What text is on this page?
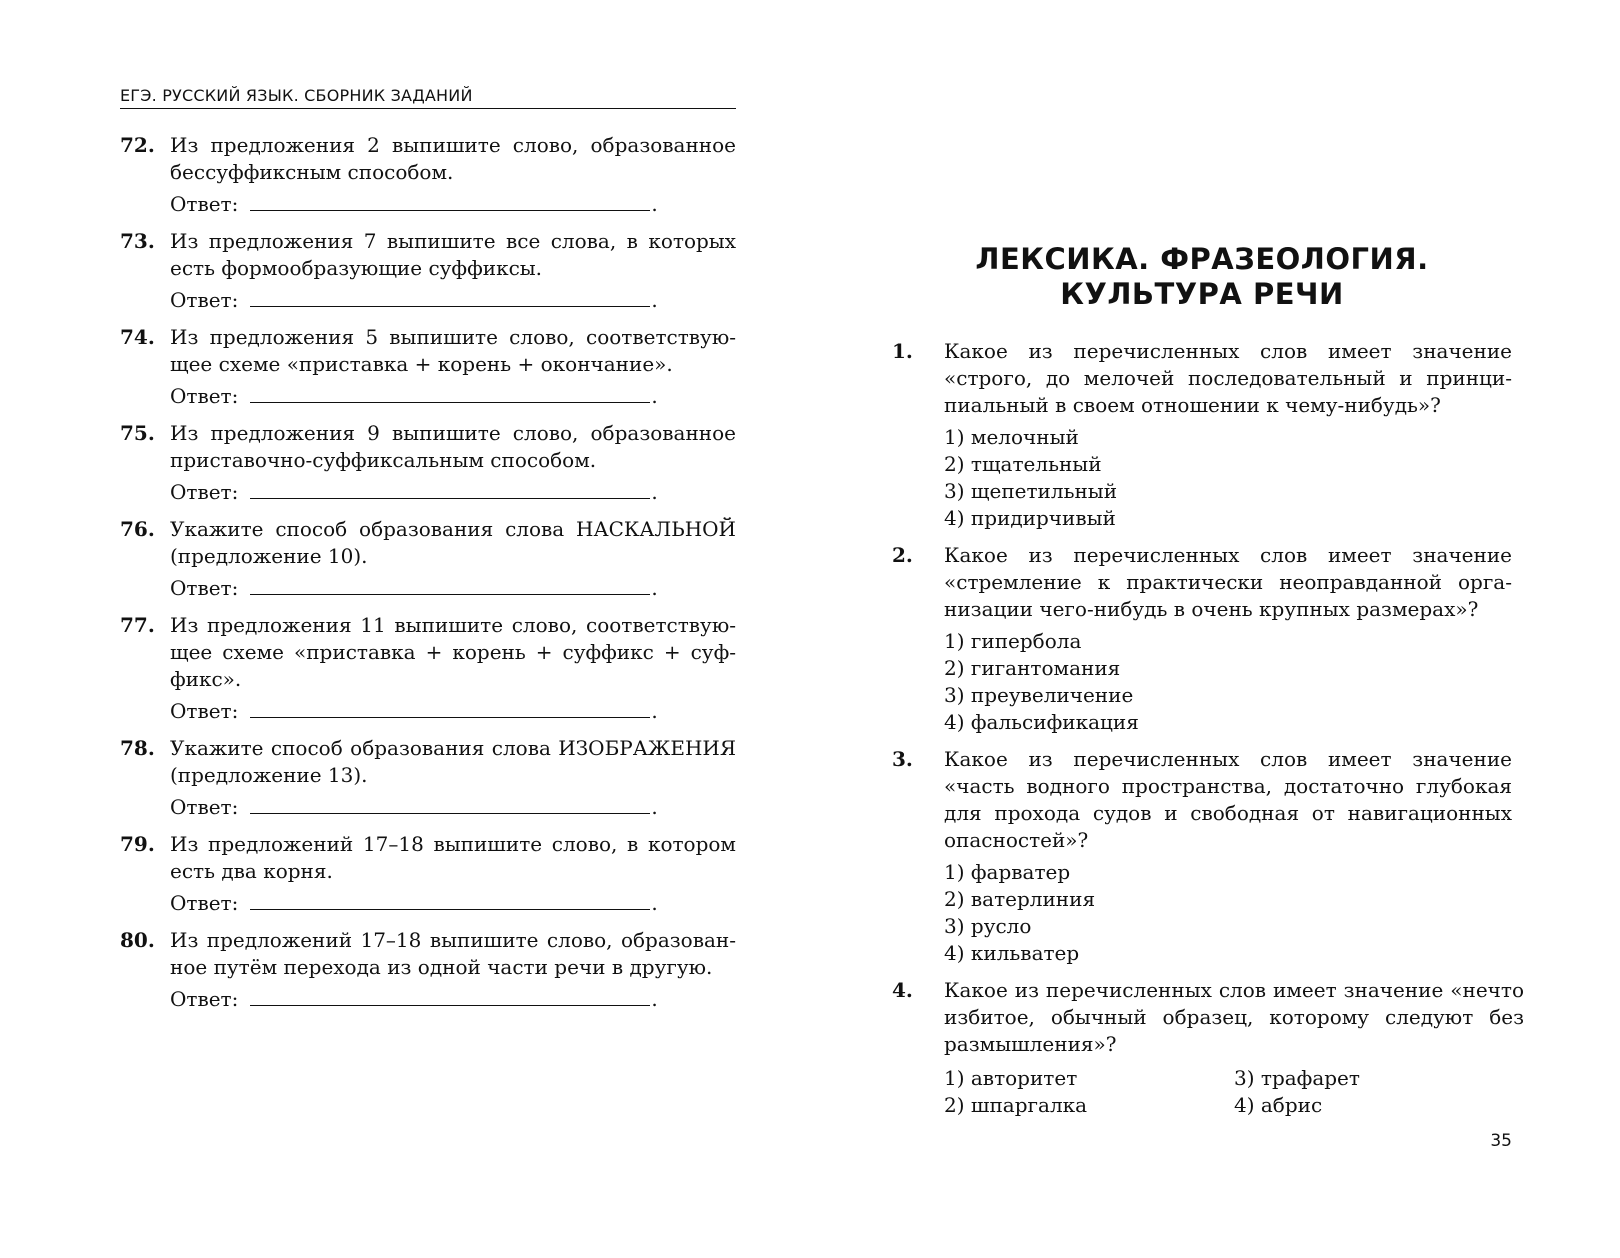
ЕГЭ. РУССКИЙ ЯЗЫК. СБОРНИК ЗАДАНИЙ
72. Из предложения 2 выпишите слово, образованное бессуффиксным способом.

Ответ:	.
73. Из предложения 7 выпишите все слова, в которых есть формообразующие суффиксы.

Ответ:	.
74. Из предложения 5 выпишите слово, соответствующее схеме «приставка + корень + окончание».

Ответ:	.
75. Из предложения 9 выпишите слово, образованное приставочно-суффиксальным способом.

Ответ:	.
76. Укажите способ образования слова НАСКАЛЬНОЙ (предложение 10).

Ответ:	.
77. Из предложения 11 выпишите слово, соответствующее схеме «приставка + корень + суффикс + суффикс».

Ответ:	.
78. Укажите способ образования слова ИЗОБРАЖЕНИЯ (предложение 13).

Ответ:	.
79. Из предложений 17–18 выпишите слово, в котором есть два корня.

Ответ:	.
80. Из предложений 17–18 выпишите слово, образованное путём перехода из одной части речи в другую.

Ответ:	.
ЛЕКСИКА. ФРАЗЕОЛОГИЯ.
КУЛЬТУРА РЕЧИ
1.	Какое из перечисленных слов имеет значение «строго, до мелочей последовательный и принципиальный в своем отношении к чему-нибудь»?

1) мелочный
2) тщательный
3) щепетильный
4) придирчивый
2.	Какое из перечисленных слов имеет значение «стремление к практически неоправданной организации чего-нибудь в очень крупных размерах»?

1) гипербола
2) гигантомания
3) преувеличение
4) фальсификация
3.	Какое из перечисленных слов имеет значение «часть водного пространства, достаточно глубокая для прохода судов и свободная от навигационных опасностей»?

1) фарватер
2) ватерлиния
3) русло
4) кильватер
4.	Какое из перечисленных слов имеет значение «нечто избитое, обычный образец, которому следуют без размышления»?

1) авторитет	3) трафарет
2) шпаргалка	4) абрис
35
